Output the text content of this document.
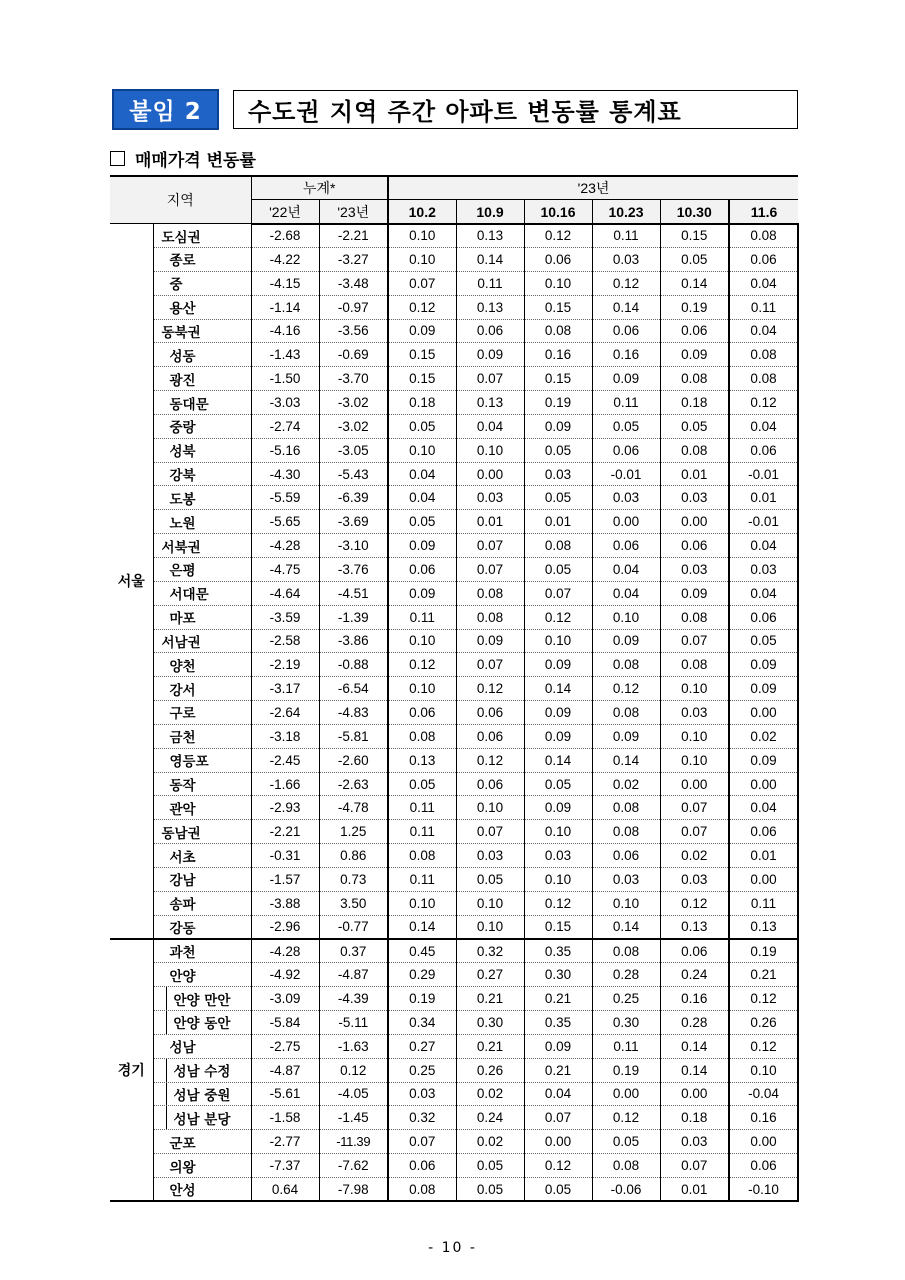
붙임 2	수도권 지역 주간 아파트 변동률 통계표
매매가격 변동률
지역		누계*		'23년					
		'22년	'23년	10.2	10.9	10.16	10.23	10.30	11.6
서울	도심권	-2.68	-2.21	0.10	0.13	0.12	0.11	0.15	0.08
	종로	-4.22	-3.27	0.10	0.14	0.06	0.03	0.05	0.06
	중	-4.15	-3.48	0.07	0.11	0.10	0.12	0.14	0.04
	용산	-1.14	-0.97	0.12	0.13	0.15	0.14	0.19	0.11
	동북권	-4.16	-3.56	0.09	0.06	0.08	0.06	0.06	0.04
	성동	-1.43	-0.69	0.15	0.09	0.16	0.16	0.09	0.08
	광진	-1.50	-3.70	0.15	0.07	0.15	0.09	0.08	0.08
	동대문	-3.03	-3.02	0.18	0.13	0.19	0.11	0.18	0.12
	중랑	-2.74	-3.02	0.05	0.04	0.09	0.05	0.05	0.04
	성북	-5.16	-3.05	0.10	0.10	0.05	0.06	0.08	0.06
	강북	-4.30	-5.43	0.04	0.00	0.03	-0.01	0.01	-0.01
	도봉	-5.59	-6.39	0.04	0.03	0.05	0.03	0.03	0.01
	노원	-5.65	-3.69	0.05	0.01	0.01	0.00	0.00	-0.01
	서북권	-4.28	-3.10	0.09	0.07	0.08	0.06	0.06	0.04
	은평	-4.75	-3.76	0.06	0.07	0.05	0.04	0.03	0.03
	서대문	-4.64	-4.51	0.09	0.08	0.07	0.04	0.09	0.04
	마포	-3.59	-1.39	0.11	0.08	0.12	0.10	0.08	0.06
	서남권	-2.58	-3.86	0.10	0.09	0.10	0.09	0.07	0.05
	양천	-2.19	-0.88	0.12	0.07	0.09	0.08	0.08	0.09
	강서	-3.17	-6.54	0.10	0.12	0.14	0.12	0.10	0.09
	구로	-2.64	-4.83	0.06	0.06	0.09	0.08	0.03	0.00
	금천	-3.18	-5.81	0.08	0.06	0.09	0.09	0.10	0.02
	영등포	-2.45	-2.60	0.13	0.12	0.14	0.14	0.10	0.09
	동작	-1.66	-2.63	0.05	0.06	0.05	0.02	0.00	0.00
	관악	-2.93	-4.78	0.11	0.10	0.09	0.08	0.07	0.04
	동남권	-2.21	1.25	0.11	0.07	0.10	0.08	0.07	0.06
	서초	-0.31	0.86	0.08	0.03	0.03	0.06	0.02	0.01
	강남	-1.57	0.73	0.11	0.05	0.10	0.03	0.03	0.00
	송파	-3.88	3.50	0.10	0.10	0.12	0.10	0.12	0.11
	강동	-2.96	-0.77	0.14	0.10	0.15	0.14	0.13	0.13
경기	과천	-4.28	0.37	0.45	0.32	0.35	0.08	0.06	0.19
	안양	-4.92	-4.87	0.29	0.27	0.30	0.28	0.24	0.21
	안양 만안	-3.09	-4.39	0.19	0.21	0.21	0.25	0.16	0.12
	안양 동안	-5.84	-5.11	0.34	0.30	0.35	0.30	0.28	0.26
	성남	-2.75	-1.63	0.27	0.21	0.09	0.11	0.14	0.12
	성남 수정	-4.87	0.12	0.25	0.26	0.21	0.19	0.14	0.10
	성남 중원	-5.61	-4.05	0.03	0.02	0.04	0.00	0.00	-0.04
	성남 분당	-1.58	-1.45	0.32	0.24	0.07	0.12	0.18	0.16
	군포	-2.77	-11.39	0.07	0.02	0.00	0.05	0.03	0.00
	의왕	-7.37	-7.62	0.06	0.05	0.12	0.08	0.07	0.06
	안성	0.64	-7.98	0.08	0.05	0.05	-0.06	0.01	-0.10
- 10 -
